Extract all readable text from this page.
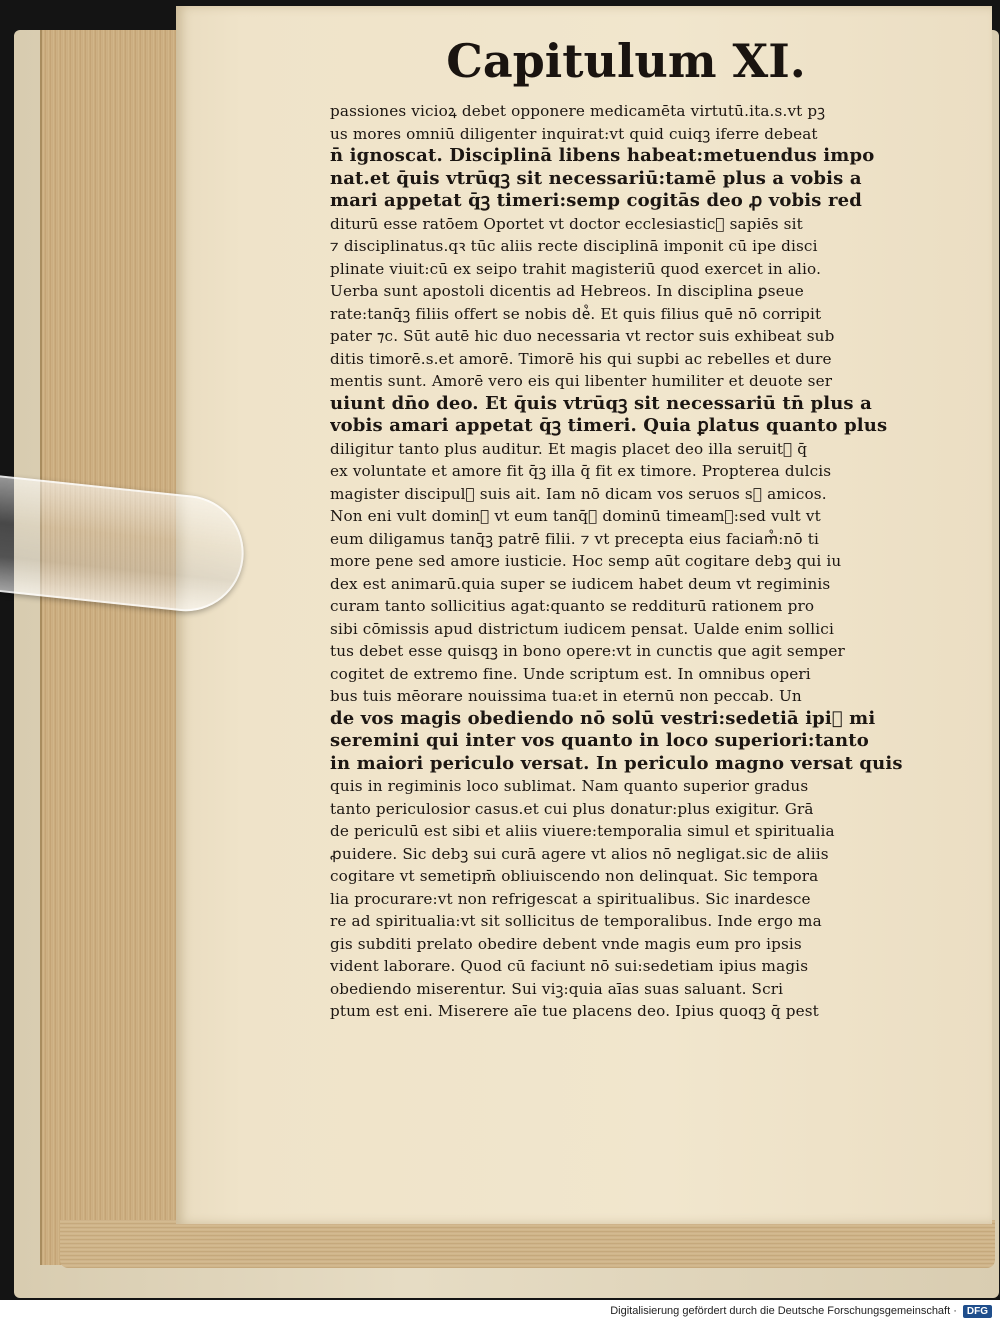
Capitulum XI.
passiones vicioꝝ debet opponere medicamēta virtutū.ita.s.vt pꝫ
us mores omniū diligenter inquirat:vt quid cuiqꝫ iferre debeat
n̄ ignoscat. Disciplinā libens habeat:metuendus impo
nat.et q̄uis vtrūqꝫ sit necessariū:tamē plus a vobis a
mari appetat q̄ꝫ timeri:semp cogitās deo ꝓ vobis red
diturū esse ratōem Oportet vt doctor ecclesiastic᷒ sapiēs sit
⁊ disciplinatus.qꝛ tūc aliis recte disciplinā imponit cū ipe disci
plinate viuit:cū ex seipo trahit magisteriū quod exercet in alio.
Uerba sunt apostoli dicentis ad Hebreos. In disciplina ꝑseue
rate:tanq̄ꝫ filiis offert se nobis de᷒. Et quis filius quē nō corripit
pater ⁊c. Sūt autē hic duo necessaria vt rector suis exhibeat sub
ditis timorē.s.et amorē. Timorē his qui supbi ac rebelles et dure
mentis sunt. Amorē vero eis qui libenter humiliter et deuote ser
uiunt dn̄o deo. Et q̄uis vtrūqꝫ sit necessariū tn̄ plus a
vobis amari appetat q̄ꝫ timeri. Quia ꝑlatus quanto plus
diligitur tanto plus auditur. Et magis placet deo illa seruit᷒ q̄
ex voluntate et amore fit q̄ꝫ illa q̄ fit ex timore. Propterea dulcis
magister discipul᷒ suis ait. Iam nō dicam vos seruos sꝫ amicos.
Non eni vult domin᷒ vt eum tanq̄ꝫ dominū timeam᷒:sed vult vt
eum diligamus tanq̄ꝫ patrē filii. ⁊ vt precepta eius faciam᷒:nō ti
more pene sed amore iusticie. Hoc semp aūt cogitare debꝫ qui iu
dex est animarū.quia super se iudicem habet deum vt regiminis
curam tanto sollicitius agat:quanto se redditurū rationem pro
sibi cōmissis apud districtum iudicem pensat. Ualde enim sollici
tus debet esse quisqꝫ in bono opere:vt in cunctis que agit semper
cogitet de extremo fine. Unde scriptum est. In omnibus operi
bus tuis mēorare nouissima tua:et in eternū non peccab. Un
de vos magis obediendo nō solū vestri:sedetiā ipi᷒ mi
seremini qui inter vos quanto in loco superiori:tanto
in maiori periculo versat. In periculo magno versat quis
quis in regiminis loco sublimat. Nam quanto superior gradus
tanto periculosior casus.et cui plus donatur:plus exigitur. Grā
de periculū est sibi et aliis viuere:temporalia simul et spiritualia
ꝓuidere. Sic debꝫ sui curā agere vt alios nō negligat.sic de aliis
cogitare vt semetipm̄ obliuiscendo non delinquat. Sic tempora
lia procurare:vt non refrigescat a spiritualibus. Sic inardesce
re ad spiritualia:vt sit sollicitus de temporalibus. Inde ergo ma
gis subditi prelato obedire debent vnde magis eum pro ipsis
vident laborare. Quod cū faciunt nō sui:sedetiam ipius magis
obediendo miserentur. Sui viꝫ:quia aīas suas saluant. Scri
ptum est eni. Miserere aīe tue placens deo. Ipius quoqꝫ q̄ pest
Digitalisierung gefördert durch die Deutsche Forschungsgemeinschaft ·	DFG
